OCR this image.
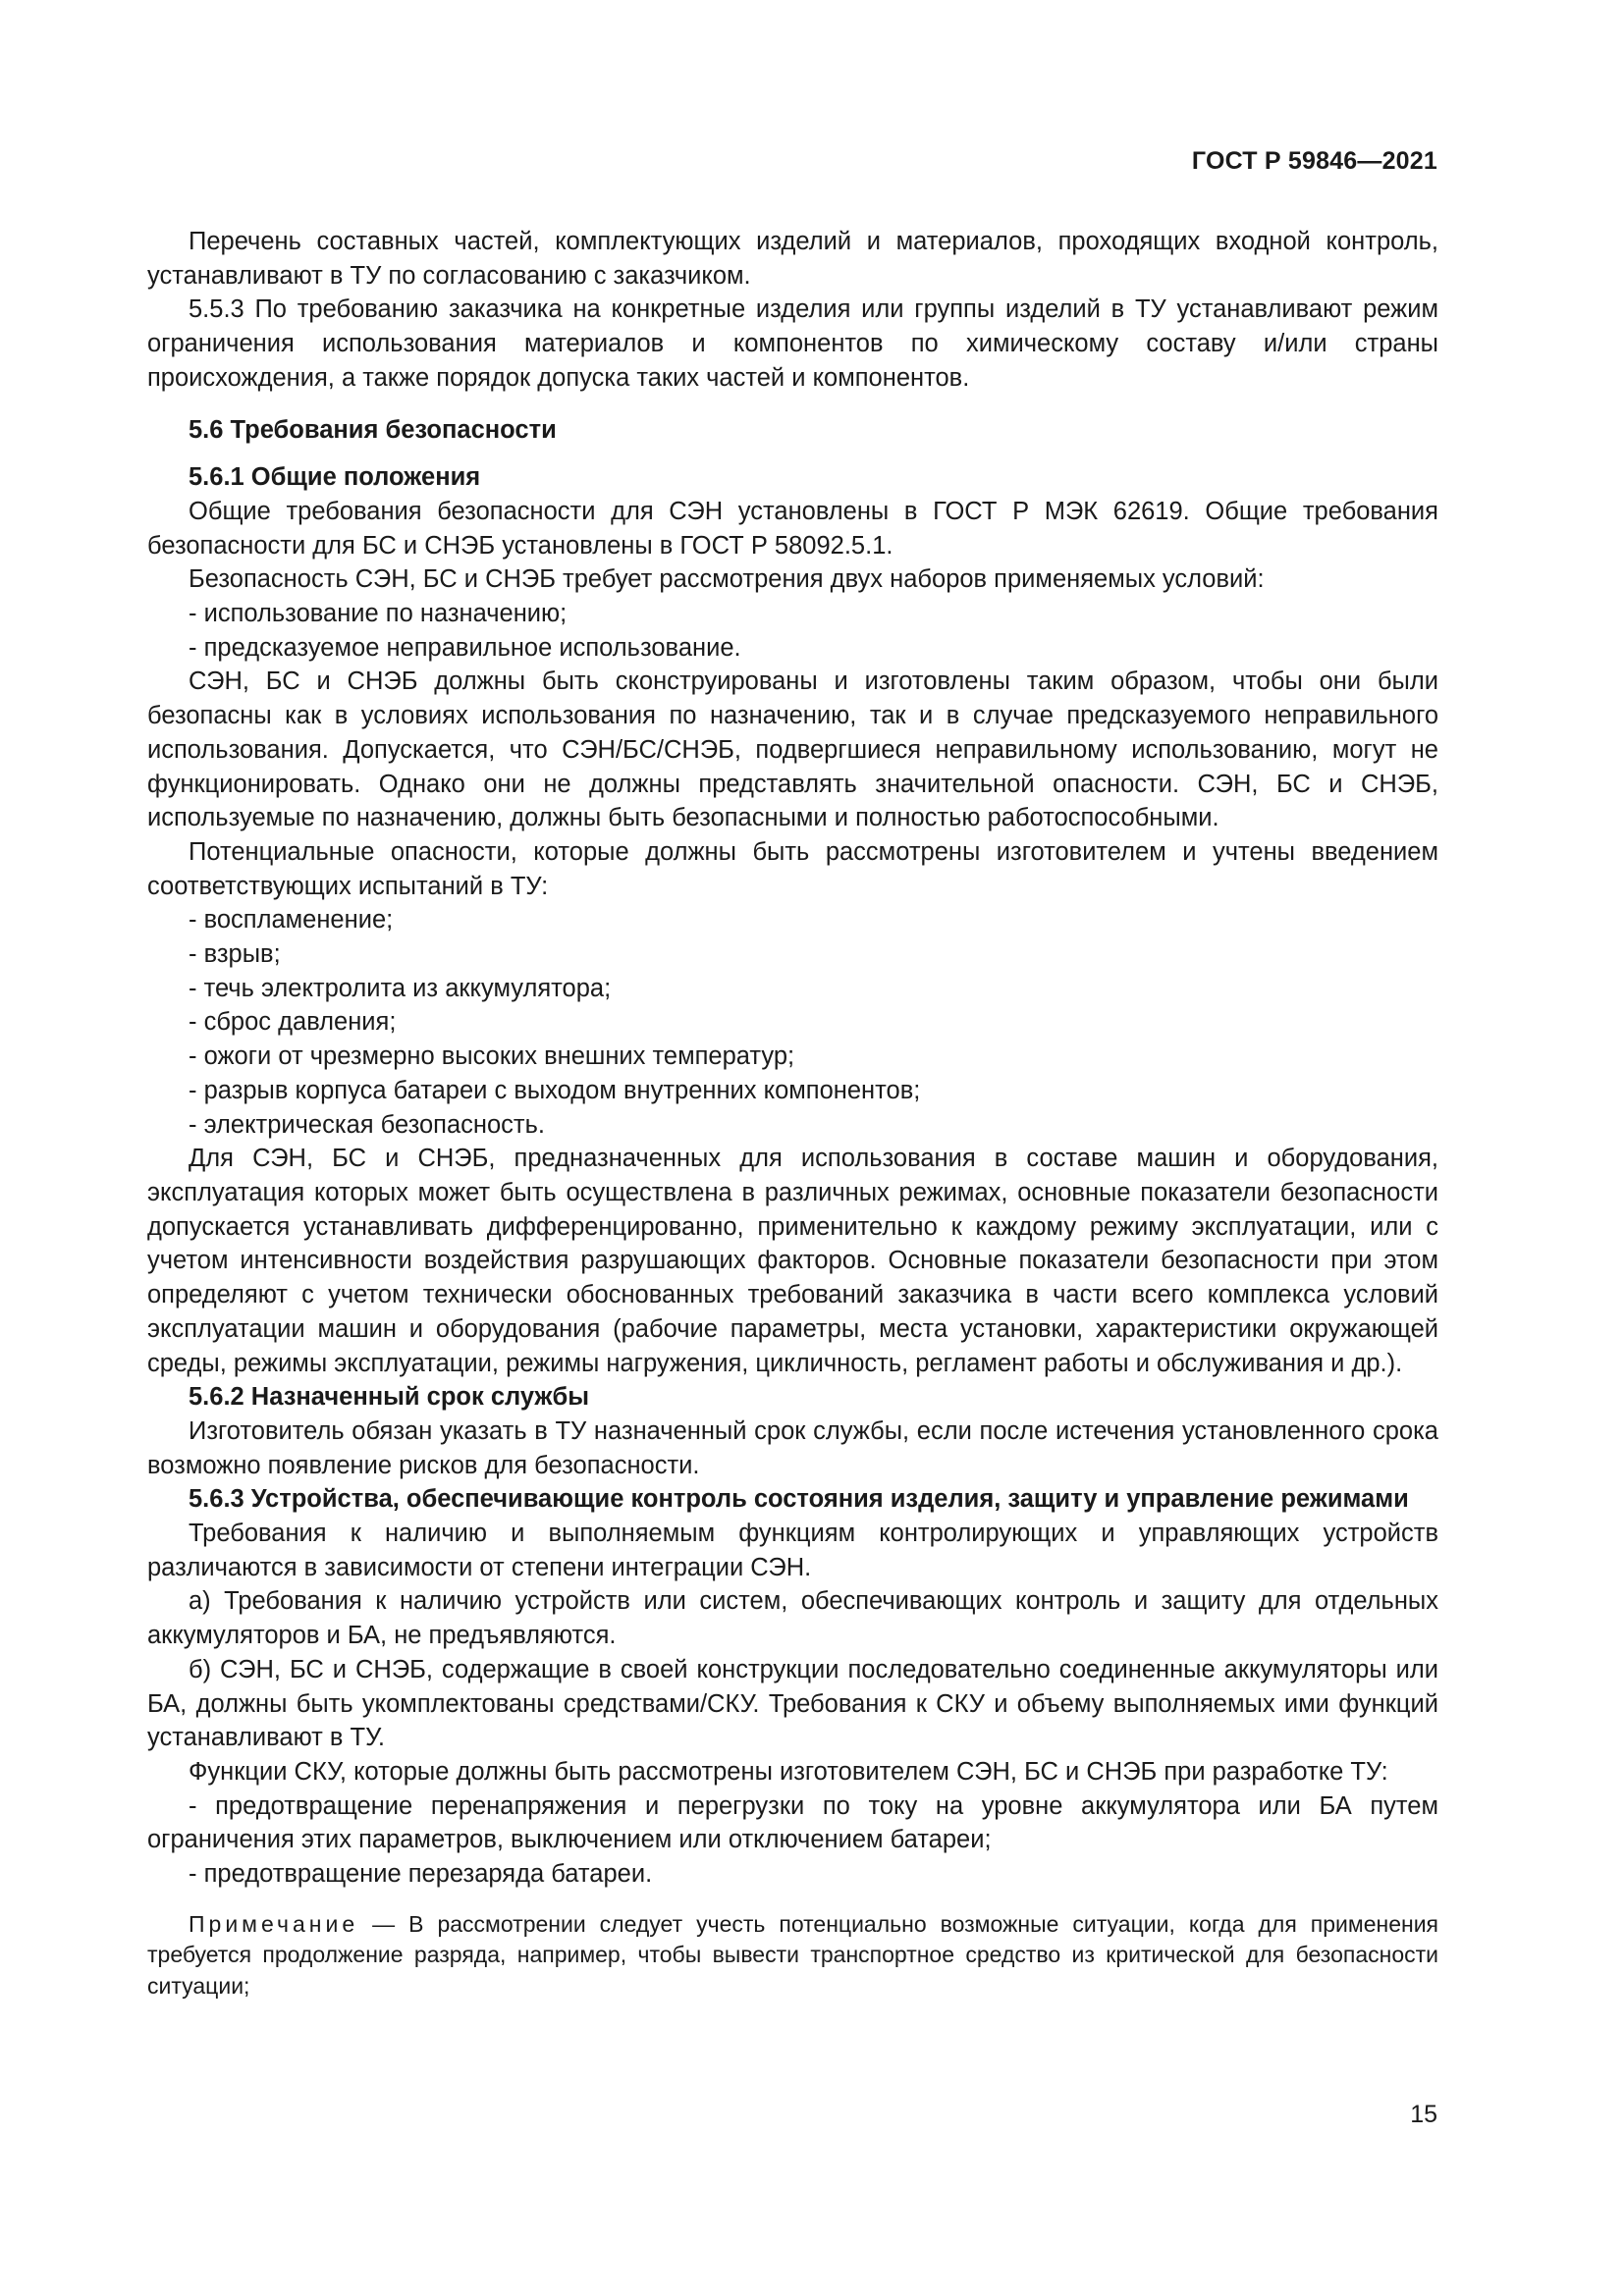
ГОСТ Р 59846—2021

Перечень составных частей, комплектующих изделий и материалов, проходящих входной контроль, устанавливают в ТУ по согласованию с заказчиком.

5.5.3 По требованию заказчика на конкретные изделия или группы изделий в ТУ устанавливают режим ограничения использования материалов и компонентов по химическому составу и/или страны происхождения, а также порядок допуска таких частей и компонентов.

5.6 Требования безопасности

5.6.1 Общие положения

Общие требования безопасности для СЭН установлены в ГОСТ Р МЭК 62619. Общие требования безопасности для БС и СНЭБ установлены в ГОСТ Р 58092.5.1.

Безопасность СЭН, БС и СНЭБ требует рассмотрения двух наборов применяемых условий:

- использование по назначению;

- предсказуемое неправильное использование.

СЭН, БС и СНЭБ должны быть сконструированы и изготовлены таким образом, чтобы они были безопасны как в условиях использования по назначению, так и в случае предсказуемого неправильного использования. Допускается, что СЭН/БС/СНЭБ, подвергшиеся неправильному использованию, могут не функционировать. Однако они не должны представлять значительной опасности. СЭН, БС и СНЭБ, используемые по назначению, должны быть безопасными и полностью работоспособными.

Потенциальные опасности, которые должны быть рассмотрены изготовителем и учтены введением соответствующих испытаний в ТУ:

- воспламенение;

- взрыв;

- течь электролита из аккумулятора;

- сброс давления;

- ожоги от чрезмерно высоких внешних температур;

- разрыв корпуса батареи с выходом внутренних компонентов;

- электрическая безопасность.

Для СЭН, БС и СНЭБ, предназначенных для использования в составе машин и оборудования, эксплуатация которых может быть осуществлена в различных режимах, основные показатели безопасности допускается устанавливать дифференцированно, применительно к каждому режиму эксплуатации, или с учетом интенсивности воздействия разрушающих факторов. Основные показатели безопасности при этом определяют с учетом технически обоснованных требований заказчика в части всего комплекса условий эксплуатации машин и оборудования (рабочие параметры, места установки, характеристики окружающей среды, режимы эксплуатации, режимы нагружения, цикличность, регламент работы и обслуживания и др.).

5.6.2 Назначенный срок службы

Изготовитель обязан указать в ТУ назначенный срок службы, если после истечения установленного срока возможно появление рисков для безопасности.

5.6.3 Устройства, обеспечивающие контроль состояния изделия, защиту и управление режимами

Требования к наличию и выполняемым функциям контролирующих и управляющих устройств различаются в зависимости от степени интеграции СЭН.

а) Требования к наличию устройств или систем, обеспечивающих контроль и защиту для отдельных аккумуляторов и БА, не предъявляются.

б) СЭН, БС и СНЭБ, содержащие в своей конструкции последовательно соединенные аккумуляторы или БА, должны быть укомплектованы средствами/СКУ. Требования к СКУ и объему выполняемых ими функций устанавливают в ТУ.

Функции СКУ, которые должны быть рассмотрены изготовителем СЭН, БС и СНЭБ при разработке ТУ:

- предотвращение перенапряжения и перегрузки по току на уровне аккумулятора или БА путем ограничения этих параметров, выключением или отключением батареи;

- предотвращение перезаряда батареи.

Примечание — В рассмотрении следует учесть потенциально возможные ситуации, когда для применения требуется продолжение разряда, например, чтобы вывести транспортное средство из критической для безопасности ситуации;

15
